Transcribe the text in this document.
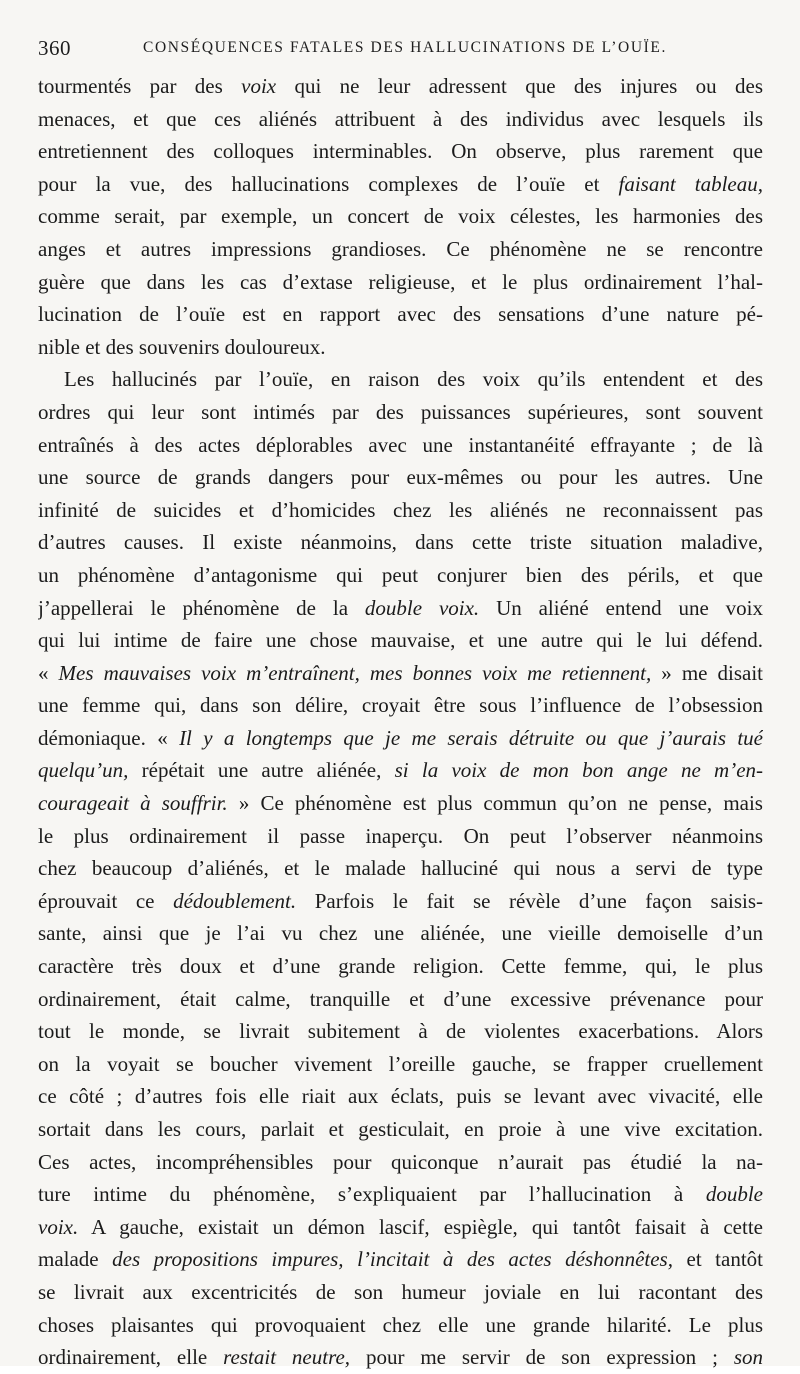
360	CONSÉQUENCES FATALES DES HALLUCINATIONS DE L’OUÏE.
tourmentés par des voix qui ne leur adressent que des injures ou des
menaces, et que ces aliénés attribuent à des individus avec lesquels ils
entretiennent des colloques interminables. On observe, plus rarement que
pour la vue, des hallucinations complexes de l’ouïe et faisant tableau,
comme serait, par exemple, un concert de voix célestes, les harmonies des
anges et autres impressions grandioses. Ce phénomène ne se rencontre
guère que dans les cas d’extase religieuse, et le plus ordinairement l’hal-
lucination de l’ouïe est en rapport avec des sensations d’une nature pé-
nible et des souvenirs douloureux.
Les hallucinés par l’ouïe, en raison des voix qu’ils entendent et des
ordres qui leur sont intimés par des puissances supérieures, sont souvent
entraînés à des actes déplorables avec une instantanéité effrayante ; de là
une source de grands dangers pour eux-mêmes ou pour les autres. Une
infinité de suicides et d’homicides chez les aliénés ne reconnaissent pas
d’autres causes. Il existe néanmoins, dans cette triste situation maladive,
un phénomène d’antagonisme qui peut conjurer bien des périls, et que
j’appellerai le phénomène de la double voix. Un aliéné entend une voix
qui lui intime de faire une chose mauvaise, et une autre qui le lui défend.
« Mes mauvaises voix m’entraînent, mes bonnes voix me retiennent, » me disait
une femme qui, dans son délire, croyait être sous l’influence de l’obsession
démoniaque. « Il y a longtemps que je me serais détruite ou que j’aurais tué
quelqu’un, répétait une autre aliénée, si la voix de mon bon ange ne m’en-
courageait à souffrir. » Ce phénomène est plus commun qu’on ne pense, mais
le plus ordinairement il passe inaperçu. On peut l’observer néanmoins
chez beaucoup d’aliénés, et le malade halluciné qui nous a servi de type
éprouvait ce dédoublement. Parfois le fait se révèle d’une façon saisis-
sante, ainsi que je l’ai vu chez une aliénée, une vieille demoiselle d’un
caractère très doux et d’une grande religion. Cette femme, qui, le plus
ordinairement, était calme, tranquille et d’une excessive prévenance pour
tout le monde, se livrait subitement à de violentes exacerbations. Alors
on la voyait se boucher vivement l’oreille gauche, se frapper cruellement
ce côté ; d’autres fois elle riait aux éclats, puis se levant avec vivacité, elle
sortait dans les cours, parlait et gesticulait, en proie à une vive excitation.
Ces actes, incompréhensibles pour quiconque n’aurait pas étudié la na-
ture intime du phénomène, s’expliquaient par l’hallucination à double
voix. A gauche, existait un démon lascif, espiègle, qui tantôt faisait à cette
malade des propositions impures, l’incitait à des actes déshonnêtes, et tantôt
se livrait aux excentricités de son humeur joviale en lui racontant des
choses plaisantes qui provoquaient chez elle une grande hilarité. Le plus
ordinairement, elle restait neutre, pour me servir de son expression ; son
